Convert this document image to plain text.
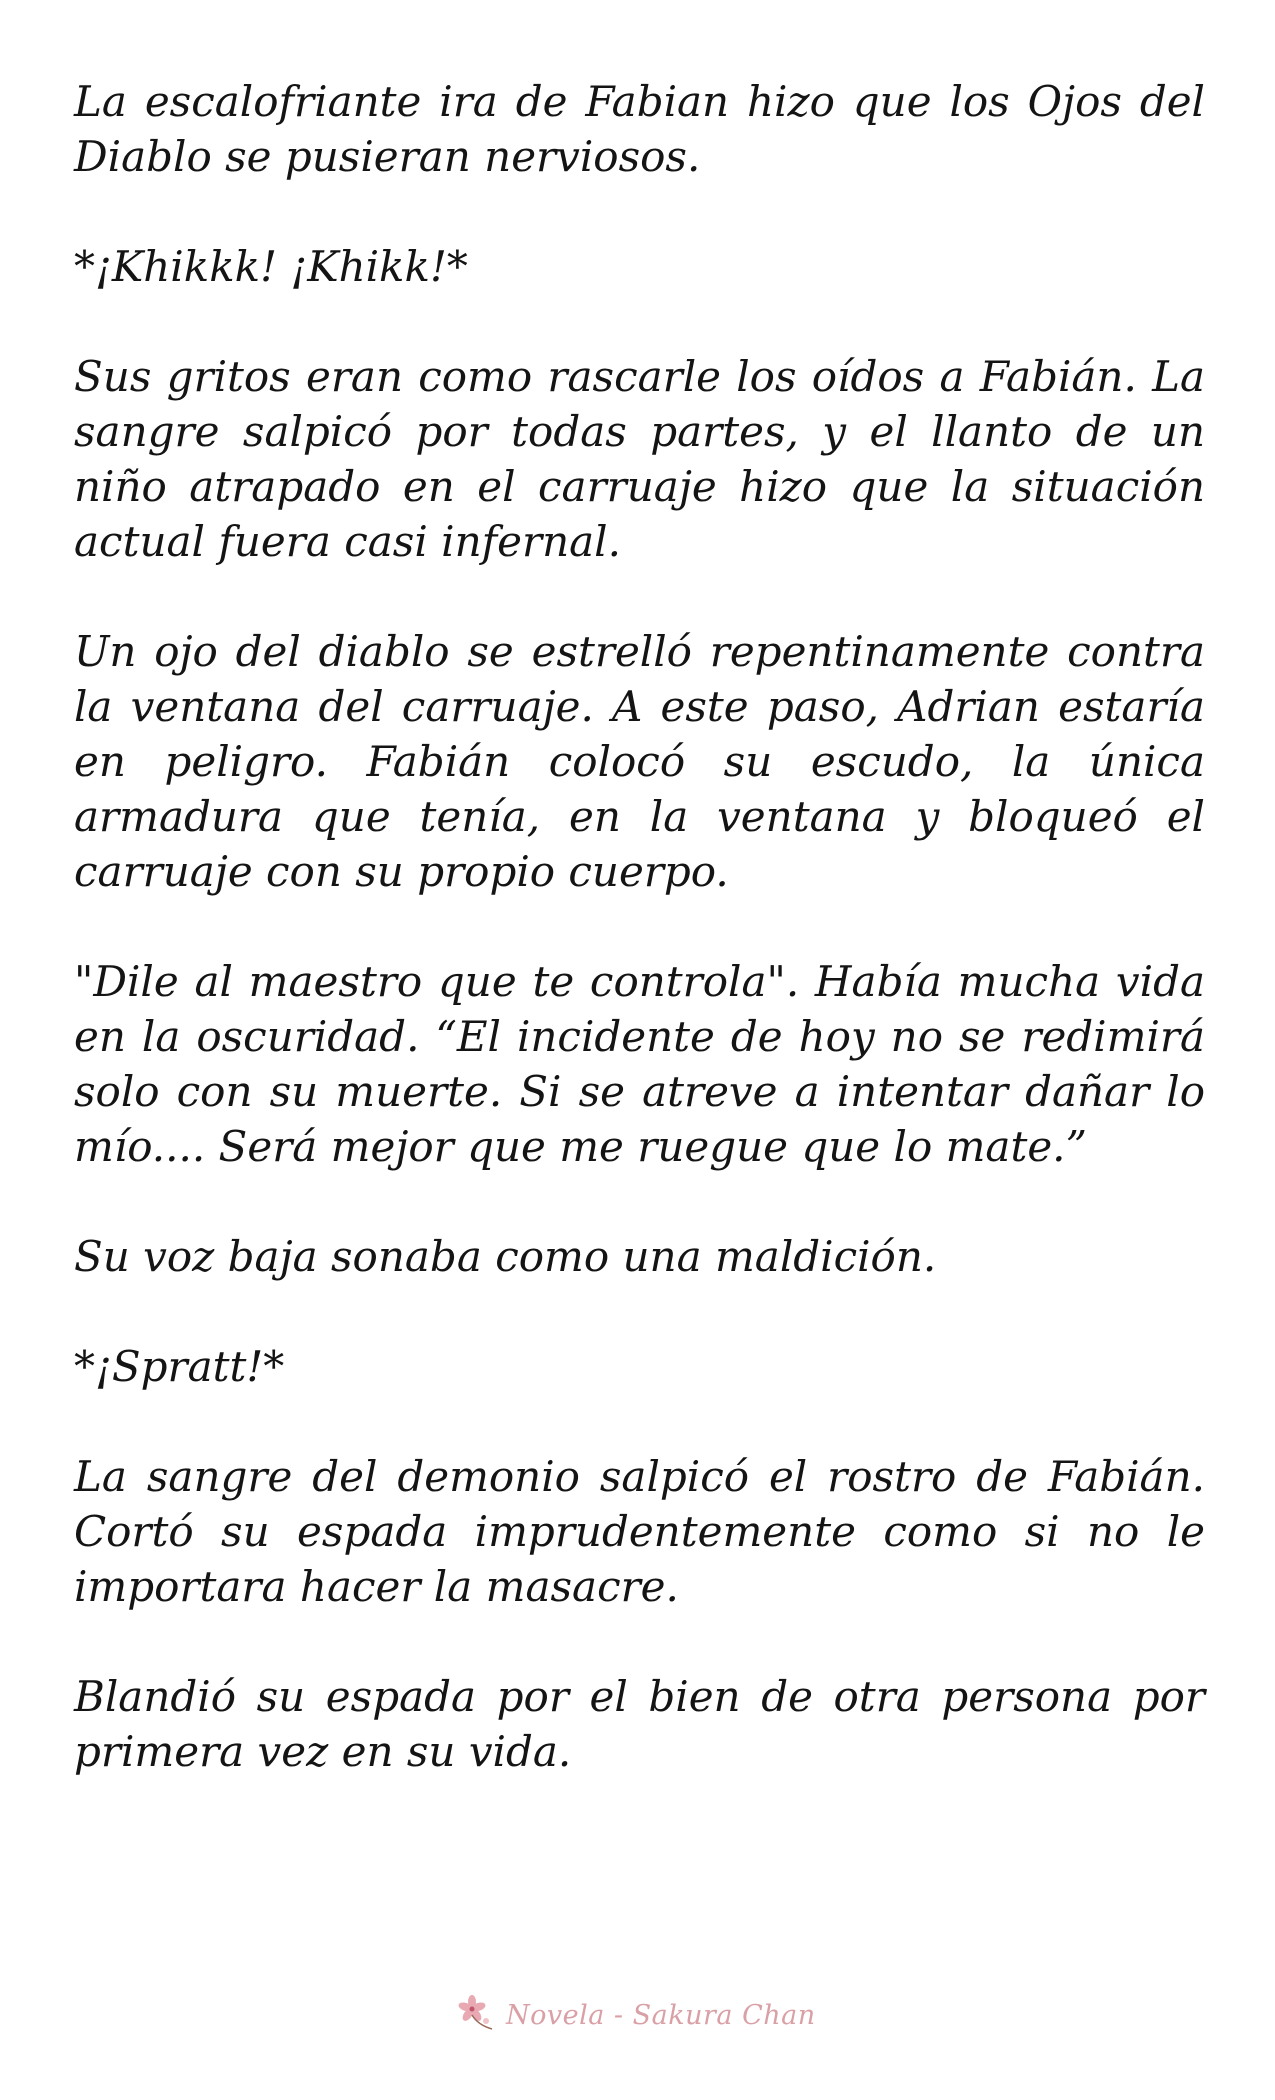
La escalofriante ira de Fabian hizo que los Ojos del Diablo se pusieran nerviosos.

*¡Khikkk! ¡Khikk!*

Sus gritos eran como rascarle los oídos a Fabián. La sangre salpicó por todas partes, y el llanto de un niño atrapado en el carruaje hizo que la situación actual fuera casi infernal.

Un ojo del diablo se estrelló repentinamente contra la ventana del carruaje. A este paso, Adrian estaría en peligro. Fabián colocó su escudo, la única armadura que tenía, en la ventana y bloqueó el carruaje con su propio cuerpo.

"Dile al maestro que te controla". Había mucha vida en la oscuridad. “El incidente de hoy no se redimirá solo con su muerte. Si se atreve a intentar dañar lo mío.... Será mejor que me ruegue que lo mate.”

Su voz baja sonaba como una maldición.

*¡Spratt!*

La sangre del demonio salpicó el rostro de Fabián. Cortó su espada imprudentemente como si no le importara hacer la masacre.

Blandió su espada por el bien de otra persona por primera vez en su vida.

Novela - Sakura Chan
